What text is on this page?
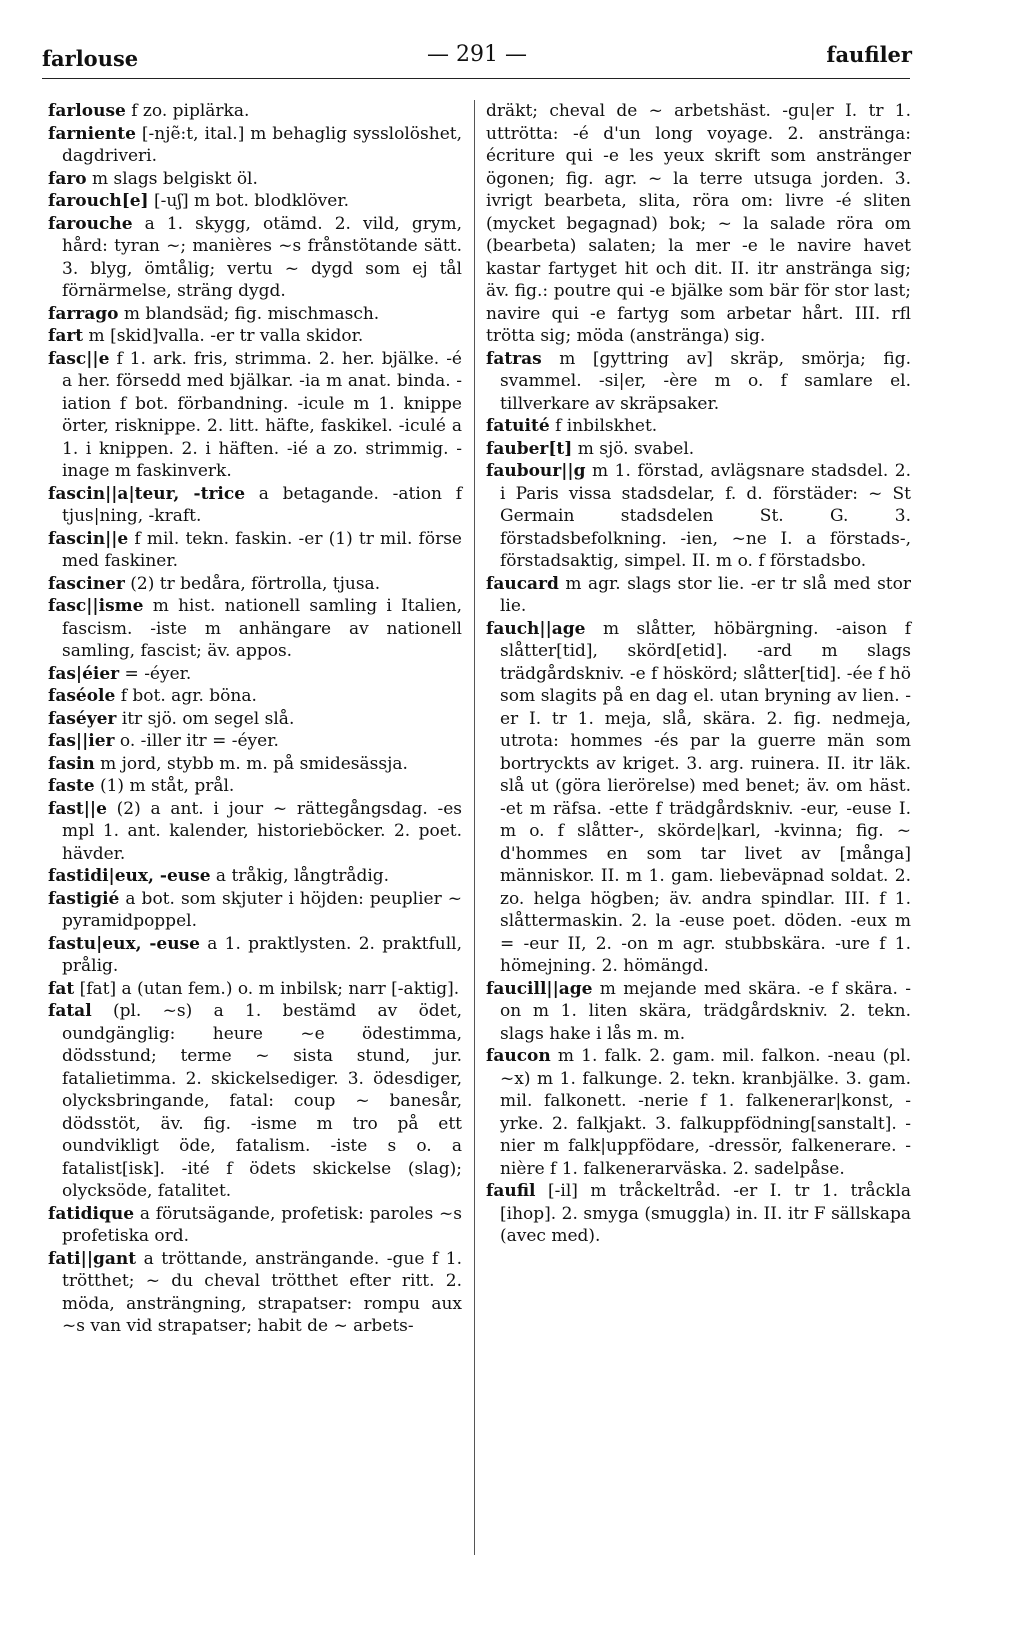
farlouse	— 291 —	faufiler

farlouse f zo. piplärka.

farniente [-njẽ:t, ital.] m behaglig sysslolöshet, dagdriveri.

faro m slags belgiskt öl.

farouch[e] [-uʃ] m bot. blodklöver.

farouche a 1. skygg, otämd. 2. vild, grym, hård: tyran ~; manières ~s frånstötande sätt. 3. blyg, ömtålig; vertu ~ dygd som ej tål förnärmelse, sträng dygd.

farrago m blandsäd; fig. mischmasch.

fart m [skid]valla. -er tr valla skidor.

fasc||e f 1. ark. fris, strimma. 2. her. bjälke. -é a her. försedd med bjälkar. -ia m anat. binda. -iation f bot. förbandning. -icule m 1. knippe örter, risknippe. 2. litt. häfte, faskikel. -iculé a 1. i knippen. 2. i häften. -ié a zo. strimmig. -inage m faskinverk.

fascin||a|teur, -trice a betagande. -ation f tjus|ning, -kraft.

fascin||e f mil. tekn. faskin. -er (1) tr mil. förse med faskiner.

fasciner (2) tr bedåra, förtrolla, tjusa.

fasc||isme m hist. nationell samling i Italien, fascism. -iste m anhängare av nationell samling, fascist; äv. appos.

fas|éier = -éyer.

faséole f bot. agr. böna.

faséyer itr sjö. om segel slå.

fas||ier o. -iller itr = -éyer.

fasin m jord, stybb m. m. på smidesässja.

faste (1) m ståt, prål.

fast||e (2) a ant. i jour ~ rättegångsdag. -es mpl 1. ant. kalender, historieböcker. 2. poet. hävder.

fastidi|eux, -euse a tråkig, långtrådig.

fastigié a bot. som skjuter i höjden: peuplier ~ pyramidpoppel.

fastu|eux, -euse a 1. praktlysten. 2. praktfull, prålig.

fat [fat] a (utan fem.) o. m inbilsk; narr [-aktig].

fatal (pl. ~s) a 1. bestämd av ödet, oundgänglig: heure ~e ödestimma, dödsstund; terme ~ sista stund, jur. fatalietimma. 2. skickelsediger. 3. ödesdiger, olycksbringande, fatal: coup ~ banesår, dödsstöt, äv. fig. -isme m tro på ett oundvikligt öde, fatalism. -iste s o. a fatalist[isk]. -ité f ödets skickelse (slag); olycksöde, fatalitet.

fatidique a förutsägande, profetisk: paroles ~s profetiska ord.

fati||gant a tröttande, ansträngande. -gue f 1. trötthet; ~ du cheval trötthet efter ritt. 2. möda, ansträngning, strapatser: rompu aux ~s van vid strapatser; habit de ~ arbets-

dräkt; cheval de ~ arbetshäst. -gu|er I. tr 1. uttrötta: -é d'un long voyage. 2. anstränga: écriture qui -e les yeux skrift som anstränger ögonen; fig. agr. ~ la terre utsuga jorden. 3. ivrigt bearbeta, slita, röra om: livre -é sliten (mycket begagnad) bok; ~ la salade röra om (bearbeta) salaten; la mer -e le navire havet kastar fartyget hit och dit. II. itr anstränga sig; äv. fig.: poutre qui -e bjälke som bär för stor last; navire qui -e fartyg som arbetar hårt. III. rfl trötta sig; möda (anstränga) sig.

fatras m [gyttring av] skräp, smörja; fig. svammel. -si|er, -ère m o. f samlare el. tillverkare av skräpsaker.

fatuité f inbilskhet.

fauber[t] m sjö. svabel.

faubour||g m 1. förstad, avlägsnare stadsdel. 2. i Paris vissa stadsdelar, f. d. förstäder: ~ St Germain stadsdelen St. G. 3. förstadsbefolkning. -ien, ~ne I. a förstads-, förstadsaktig, simpel. II. m o. f förstadsbo.

faucard m agr. slags stor lie. -er tr slå med stor lie.

fauch||age m slåtter, höbärgning. -aison f slåtter[tid], skörd[etid]. -ard m slags trädgårdskniv. -e f höskörd; slåtter[tid]. -ée f hö som slagits på en dag el. utan bryning av lien. -er I. tr 1. meja, slå, skära. 2. fig. nedmeja, utrota: hommes -és par la guerre män som bortryckts av kriget. 3. arg. ruinera. II. itr läk. slå ut (göra lierörelse) med benet; äv. om häst. -et m räfsa. -ette f trädgårdskniv. -eur, -euse I. m o. f slåtter-, skörde|karl, -kvinna; fig. ~ d'hommes en som tar livet av [många] människor. II. m 1. gam. liebeväpnad soldat. 2. zo. helga högben; äv. andra spindlar. III. f 1. slåttermaskin. 2. la -euse poet. döden. -eux m = -eur II, 2. -on m agr. stubbskära. -ure f 1. hömejning. 2. hömängd.

faucill||age m mejande med skära. -e f skära. -on m 1. liten skära, trädgårdskniv. 2. tekn. slags hake i lås m. m.

faucon m 1. falk. 2. gam. mil. falkon. -neau (pl. ~x) m 1. falkunge. 2. tekn. kranbjälke. 3. gam. mil. falkonett. -nerie f 1. falkenerar|konst, -yrke. 2. falkjakt. 3. falkuppfödning[sanstalt]. -nier m falk|uppfödare, -dressör, falkenerare. -nière f 1. falkenerarväska. 2. sadelpåse.

faufil [-il] m tråckeltråd. -er I. tr 1. tråckla [ihop]. 2. smyga (smuggla) in. II. itr F sällskapa (avec med).
